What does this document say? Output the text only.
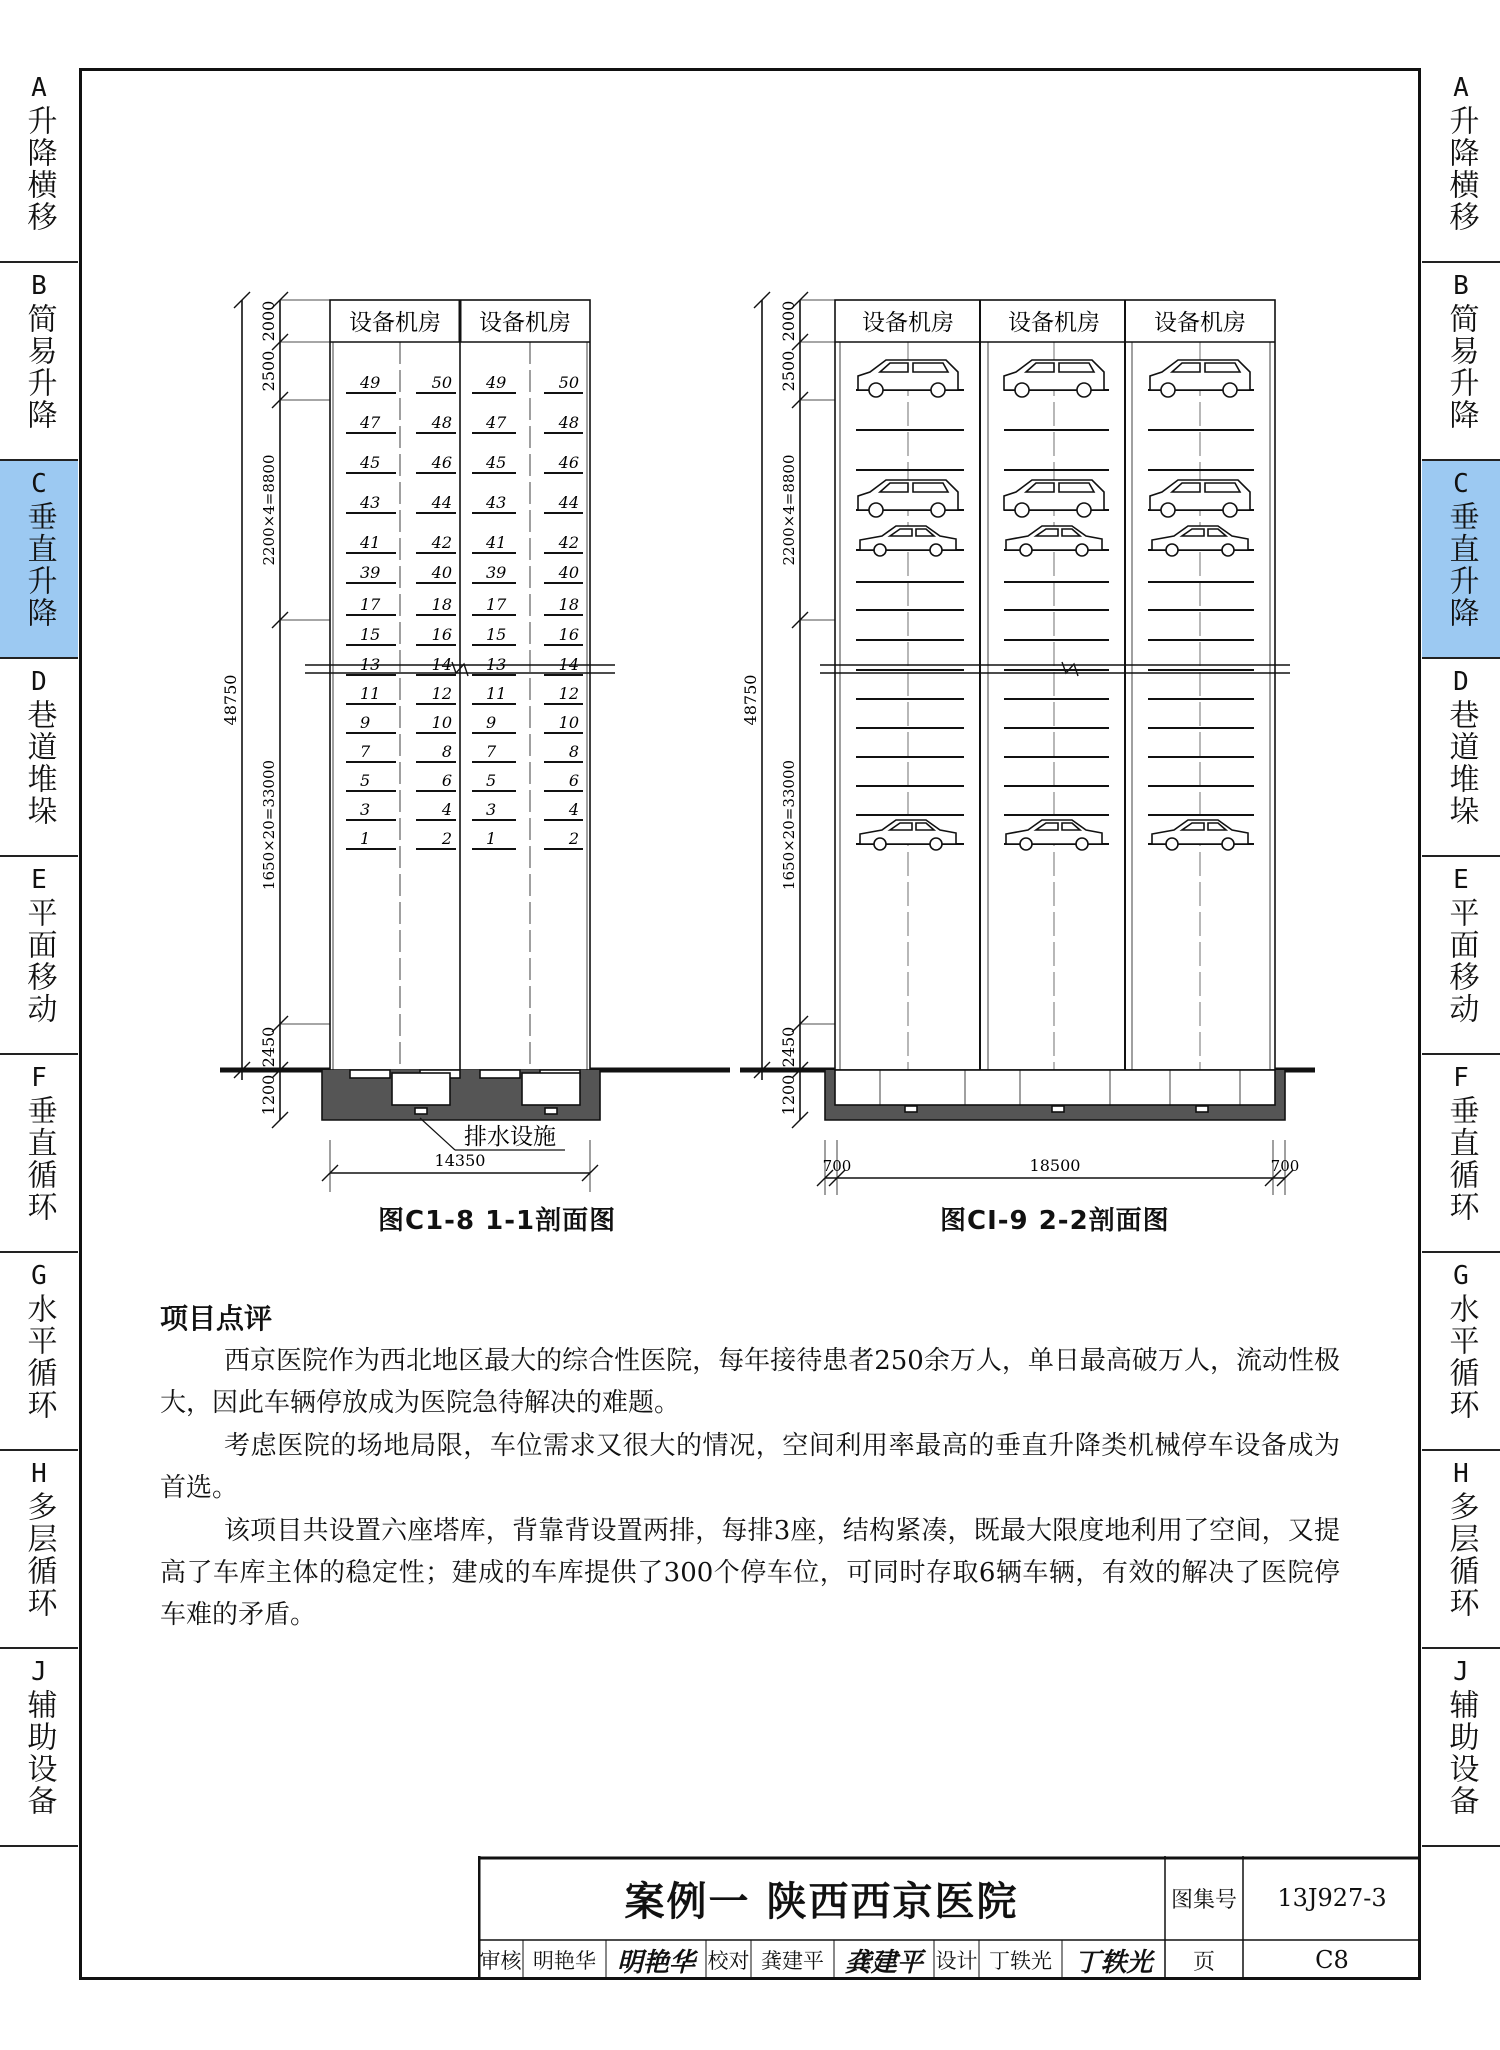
A
升降横移
B
简易升降
C
垂直升降
D
巷道堆垛
E
平面移动
F
垂直循环
G
水平循环
H
多层循环
J
辅助设备
A
升降横移
B
简易升降
C
垂直升降
D
巷道堆垛
E
平面移动
F
垂直循环
G
水平循环
H
多层循环
J
辅助设备
设备机房 设备机房
49	50 49	50
47	48 47	48
45	46 45	46
43	44 43	44
41	42 41	42
39	40 39	40
17	18 17	18
15	16 15	16
13	14 13	14
11	12 11	12
9	10 9	10
7	8 7	8
5	6 5	6
3	4 3	4
1	2 1	2
48750
2000
2500
2200×4=8800
1650×20=33000
2450
1200
14350
排水设施
图C1-8 1-1剖面图
设备机房 设备机房 设备机房
48750
2000
2500
2200×4=8800
1650×20=33000
2450
1200
700	18500	700
图CI-9 2-2剖面图
项目点评
西京医院作为西北地区最大的综合性医院，每年接待患者250余万人，单日最高破万人，流动性极大，因此车辆停放成为医院急待解决的难题。
考虑医院的场地局限，车位需求又很大的情况，空间利用率最高的垂直升降类机械停车设备成为首选。
该项目共设置六座塔库，背靠背设置两排，每排3座，结构紧凑，既最大限度地利用了空间，又提高了车库主体的稳定性；建成的车库提供了300个停车位，可同时存取6辆车辆，有效的解决了医院停车难的矛盾。
案例一 陕西西京医院	图集号	13J927-3
审核 明艳华 明艳华 校对 龚建平 龚建平 设计 丁轶光 丁轶光	页	C8
